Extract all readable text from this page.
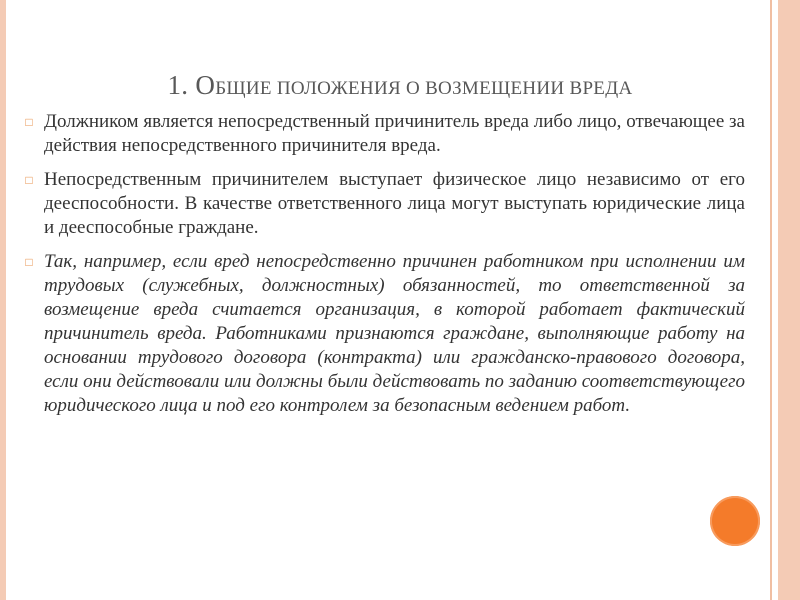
1. ОБЩИЕ ПОЛОЖЕНИЯ О ВОЗМЕЩЕНИИ ВРЕДА
□ Должником является непосредственный причинитель вреда либо лицо, отвечающее за действия непосредственного причинителя вреда.
□ Непосредственным причинителем выступает физическое лицо независимо от его дееспособности. В качестве ответственного лица могут выступать юридические лица и дееспособные граждане.
□ Так, например, если вред непосредственно причинен работником при исполнении им трудовых (служебных, должностных) обязанностей, то ответственной за возмещение вреда считается организация, в которой работает фактический причинитель вреда. Работниками признаются граждане, выполняющие работу на основании трудового договора (контракта) или гражданско-правового договора, если они действовали или должны были действовать по заданию соответствующего юридического лица и под его контролем за безопасным ведением работ.
